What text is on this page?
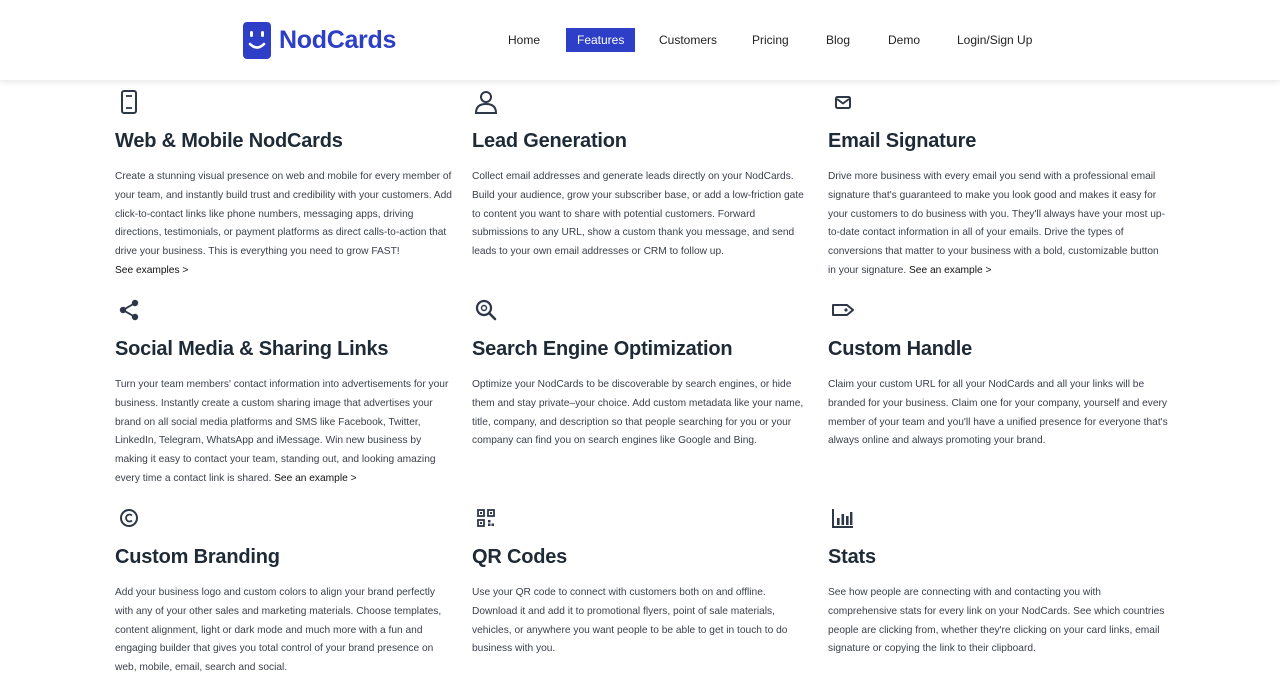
NodCards	Home	Features	Customers	Pricing	Blog	Demo	Login/Sign Up
Web & Mobile NodCards

Create a stunning visual presence on web and mobile for every member of your team, and instantly build trust and credibility with your customers. Add click-to-contact links like phone numbers, messaging apps, driving directions, testimonials, or payment platforms as direct calls-to-action that drive your business. This is everything you need to grow FAST! See examples >

Lead Generation

Collect email addresses and generate leads directly on your NodCards. Build your audience, grow your subscriber base, or add a low-friction gate to content you want to share with potential customers. Forward submissions to any URL, show a custom thank you message, and send leads to your own email addresses or CRM to follow up.

Email Signature

Drive more business with every email you send with a professional email signature that's guaranteed to make you look good and makes it easy for your customers to do business with you. They'll always have your most up-to-date contact information in all of your emails. Drive the types of conversions that matter to your business with a bold, customizable button in your signature. See an example >

Social Media & Sharing Links

Turn your team members' contact information into advertisements for your business. Instantly create a custom sharing image that advertises your brand on all social media platforms and SMS like Facebook, Twitter, LinkedIn, Telegram, WhatsApp and iMessage. Win new business by making it easy to contact your team, standing out, and looking amazing every time a contact link is shared. See an example >

Search Engine Optimization

Optimize your NodCards to be discoverable by search engines, or hide them and stay private–your choice. Add custom metadata like your name, title, company, and description so that people searching for you or your company can find you on search engines like Google and Bing.

Custom Handle

Claim your custom URL for all your NodCards and all your links will be branded for your business. Claim one for your company, yourself and every member of your team and you'll have a unified presence for everyone that's always online and always promoting your brand.

Custom Branding

Add your business logo and custom colors to align your brand perfectly with any of your other sales and marketing materials. Choose templates, content alignment, light or dark mode and much more with a fun and engaging builder that gives you total control of your brand presence on web, mobile, email, search and social.

QR Codes

Use your QR code to connect with customers both on and offline. Download it and add it to promotional flyers, point of sale materials, vehicles, or anywhere you want people to be able to get in touch to do business with you.

Stats

See how people are connecting with and contacting you with comprehensive stats for every link on your NodCards. See which countries people are clicking from, whether they're clicking on your card links, email signature or copying the link to their clipboard.
